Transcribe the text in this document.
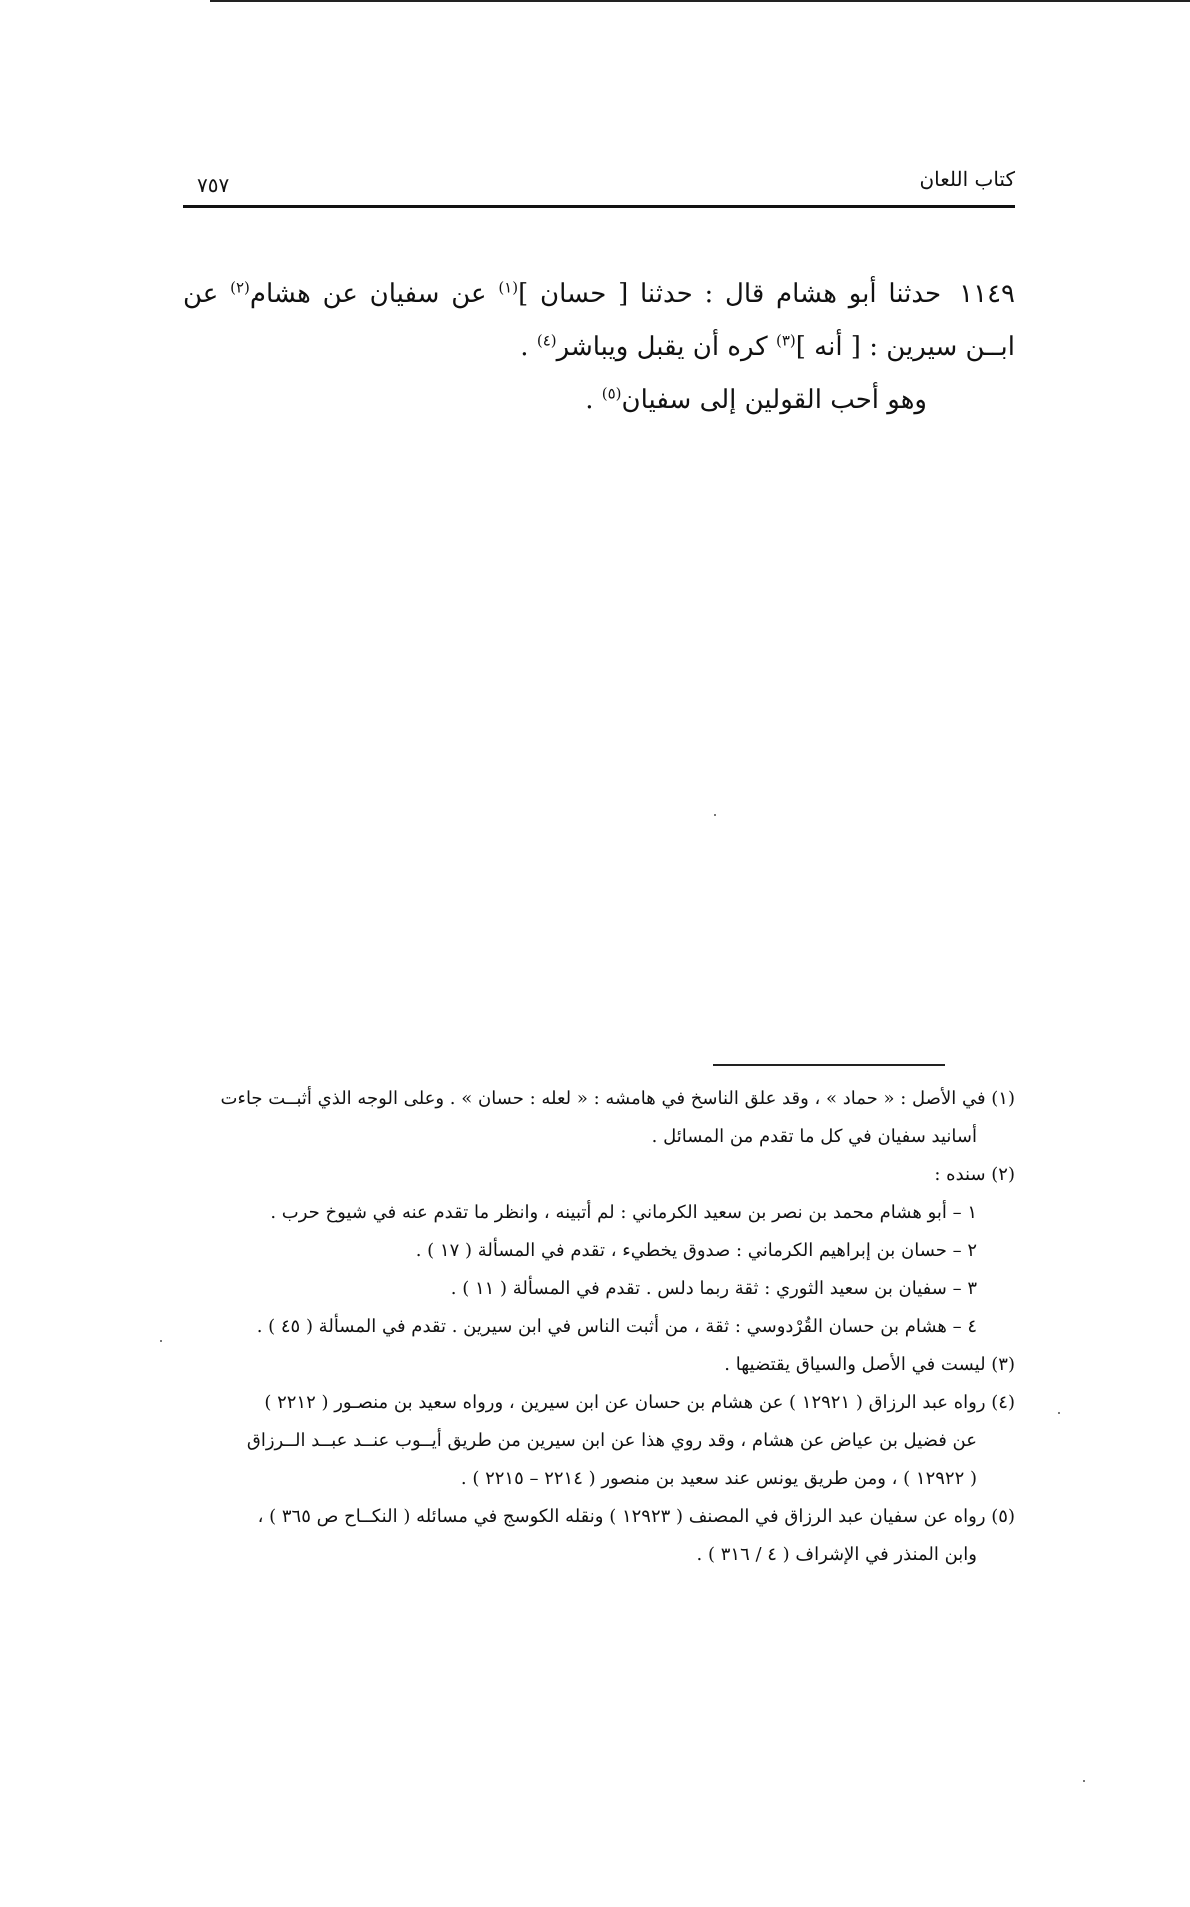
كتاب اللعان
٧٥٧

١١٤٩حدثنا أبو هشام قال : حدثنا [ حسان ]$^{(١)}$ عن سفيان عن هشام$^{(٢)}$ عن ابــن سيرين : [ أنه ]$^{(٣)}$ كره أن يقبل ويباشر$^{(٤)}$ .

وهو أحب القولين إلى سفيان$^{(٥)}$ .

(١) في الأصل : « حماد » ، وقد علق الناسخ في هامشه : « لعله : حسان » . وعلى الوجه الذي أثبــت جاءت

أسانيد سفيان في كل ما تقدم من المسائل .

(٢) سنده :

١ – أبو هشام محمد بن نصر بن سعيد الكرماني : لم أتبينه ، وانظر ما تقدم عنه في شيوخ حرب .

٢ – حسان بن إبراهيم الكرماني : صدوق يخطيء ، تقدم في المسألة ( ١٧ ) .

٣ – سفيان بن سعيد الثوري : ثقة ربما دلس . تقدم في المسألة ( ١١ ) .

٤ – هشام بن حسان القُرْدوسي : ثقة ، من أثبت الناس في ابن سيرين . تقدم في المسألة ( ٤٥ ) .

(٣) ليست في الأصل والسياق يقتضيها .

(٤) رواه عبد الرزاق ( ١٢٩٢١ ) عن هشام بن حسان عن ابن سيرين ، ورواه سعيد بن منصـور ( ٢٢١٢ )

عن فضيل بن عياض عن هشام ، وقد روي هذا عن ابن سيرين من طريق أيــوب عنــد عبــد الــرزاق

( ١٢٩٢٢ ) ، ومن طريق يونس عند سعيد بن منصور ( ٢٢١٤ – ٢٢١٥ ) .

(٥) رواه عن سفيان عبد الرزاق في المصنف ( ١٢٩٢٣ ) ونقله الكوسج في مسائله ( النكــاح ص ٣٦٥ ) ،

وابن المنذر في الإشراف ( ٤ / ٣١٦ ) .
